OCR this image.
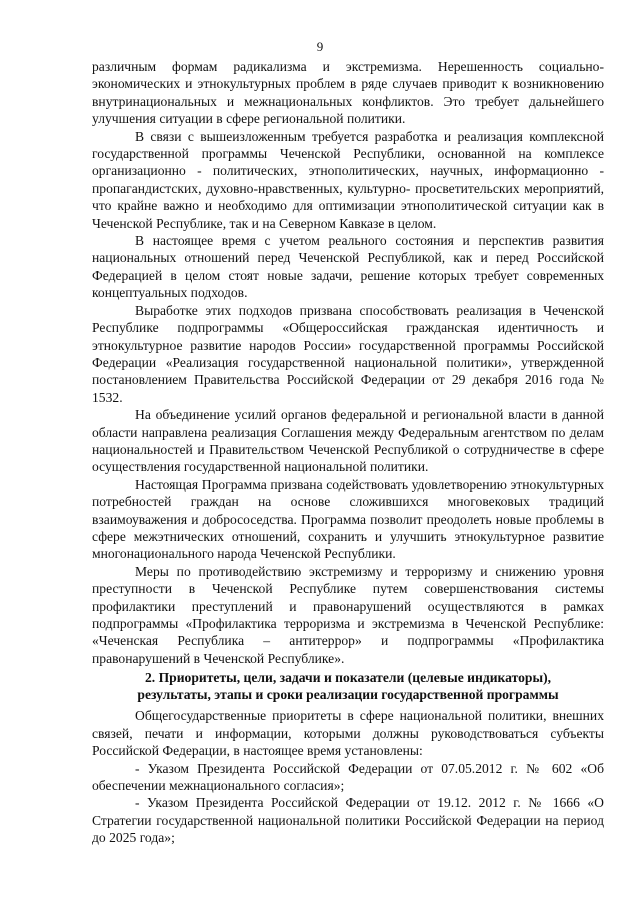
9

различным формам радикализма и экстремизма. Нерешенность социально-экономических и этнокультурных проблем в ряде случаев приводит к возникновению внутринациональных и межнациональных конфликтов. Это требует дальнейшего улучшения ситуации в сфере региональной политики.

В связи с вышеизложенным требуется разработка и реализация комплексной государственной программы Чеченской Республики, основанной на комплексе организационно - политических, этнополитических, научных, информационно - пропагандистских, духовно-нравственных, культурно- просветительских мероприятий, что крайне важно и необходимо для оптимизации этнополитической ситуации как в Чеченской Республике, так и на Северном Кавказе в целом.

В настоящее время с учетом реального состояния и перспектив развития национальных отношений перед Чеченской Республикой, как и перед Российской Федерацией в целом стоят новые задачи, решение которых требует современных концептуальных подходов.

Выработке этих подходов призвана способствовать реализация в Чеченской Республике подпрограммы «Общероссийская гражданская идентичность и этнокультурное развитие народов России» государственной программы Российской Федерации «Реализация государственной национальной политики», утвержденной постановлением Правительства Российской Федерации от 29 декабря 2016 года № 1532.

На объединение усилий органов федеральной и региональной власти в данной области направлена реализация Соглашения между Федеральным агентством по делам национальностей и Правительством Чеченской Республикой о сотрудничестве в сфере осуществления государственной национальной политики.

Настоящая Программа призвана содействовать удовлетворению этнокультурных потребностей граждан на основе сложившихся многовековых традиций взаимоуважения и добрососедства. Программа позволит преодолеть новые проблемы в сфере межэтнических отношений, сохранить и улучшить этнокультурное развитие многонационального народа Чеченской Республики.

Меры по противодействию экстремизму и терроризму и снижению уровня преступности в Чеченской Республике путем совершенствования системы профилактики преступлений и правонарушений осуществляются в рамках подпрограммы «Профилактика терроризма и экстремизма в Чеченской Республике: «Чеченская Республика – антитеррор» и подпрограммы «Профилактика правонарушений в Чеченской Республике».

2. Приоритеты, цели, задачи и показатели (целевые индикаторы),
результаты, этапы и сроки реализации государственной программы

Общегосударственные приоритеты в сфере национальной политики, внешних связей, печати и информации, которыми должны руководствоваться субъекты Российской Федерации, в настоящее время установлены:

- Указом Президента Российской Федерации от 07.05.2012 г. № 602 «Об обеспечении межнационального согласия»;

- Указом Президента Российской Федерации от 19.12. 2012 г. № 1666 «О Стратегии государственной национальной политики Российской Федерации на период до 2025 года»;
